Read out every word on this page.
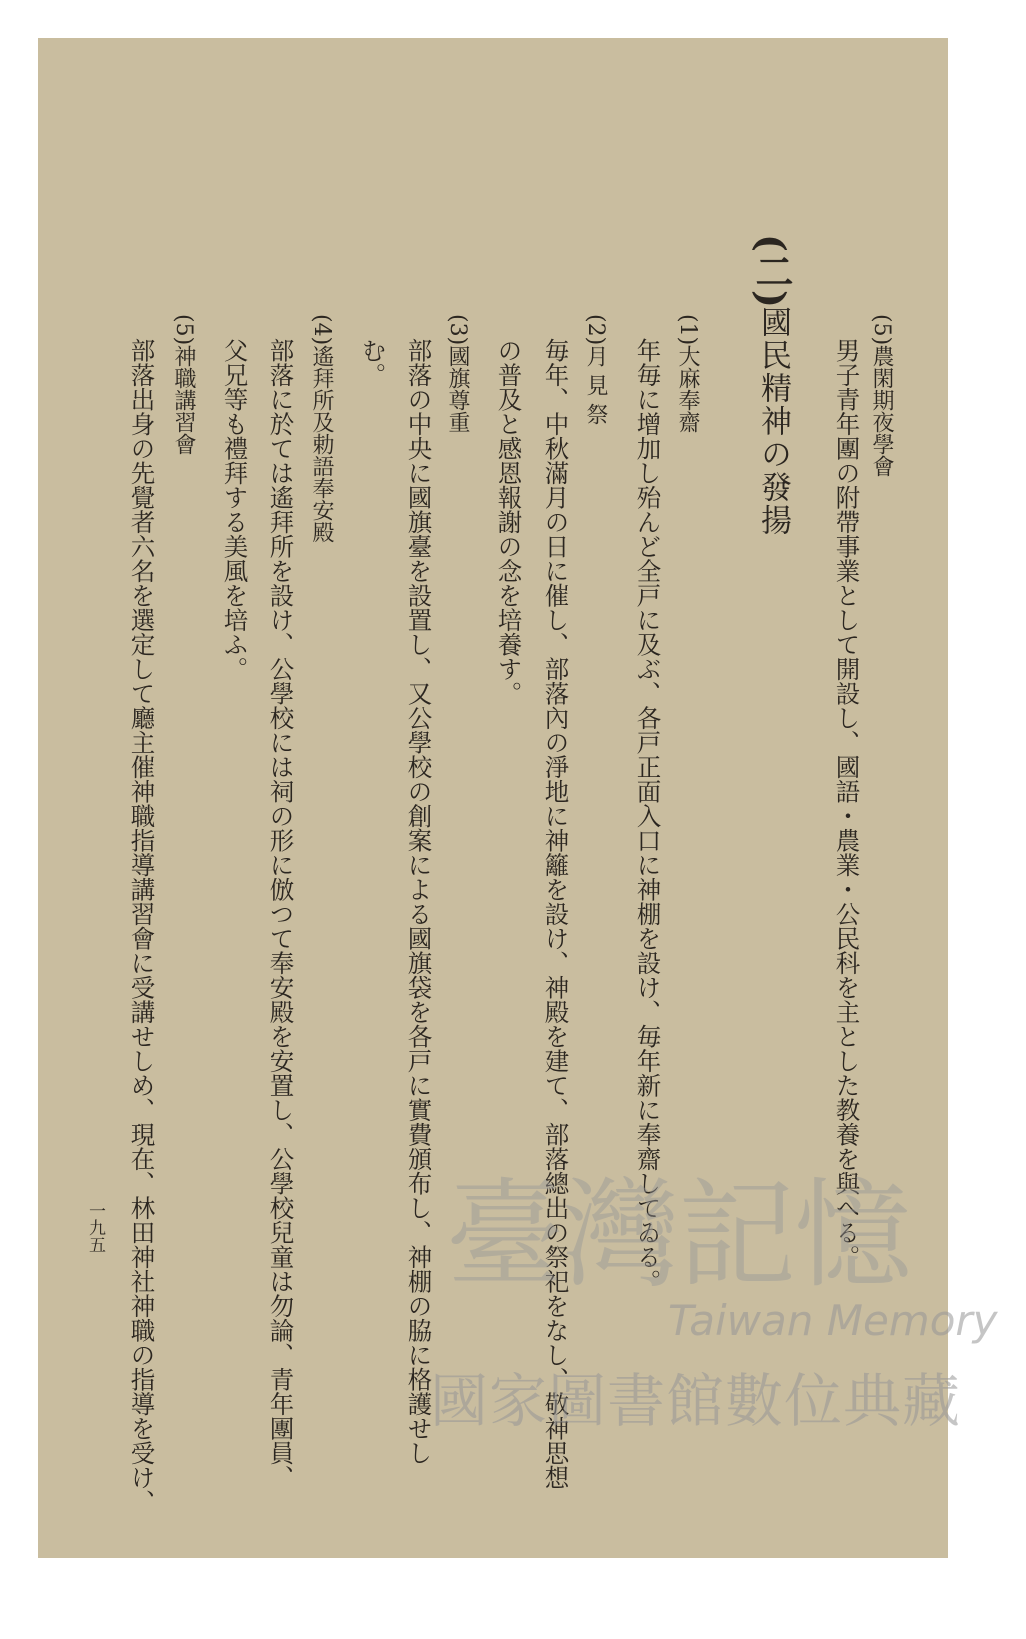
(5)農閑期夜學會
男子青年團の附帶事業として開設し、國語・農業・公民科を主とした教養を與へる。
(二)
國民精神の發揚
(1)大麻奉齋
年毎に增加し殆んど全戸に及ぶ、各戸正面入口に神棚を設け、毎年新に奉齋してゐる。
(2)月 見 祭
毎年、中秋滿月の日に催し、部落內の淨地に神籬を設け、神殿を建て、部落總出の祭祀をなし、敬神思想
の普及と感恩報謝の念を培養す。
(3)國旗尊重
部落の中央に國旗臺を設置し、又公學校の創案による國旗袋を各戸に實費頒布し、神棚の脇に格護せし
む。
(4)遙拜所及勅語奉安殿
部落に於ては遙拜所を設け、公學校には祠の形に倣つて奉安殿を安置し、公學校兒童は勿論、青年團員、
父兄等も禮拜する美風を培ふ。
(5)神職講習會
部落出身の先覺者六名を選定して廳主催神職指導講習會に受講せしめ、現在、林田神社神職の指導を受け、
一九五	臺灣記憶
Taiwan Memory
國家圖書館數位典藏
